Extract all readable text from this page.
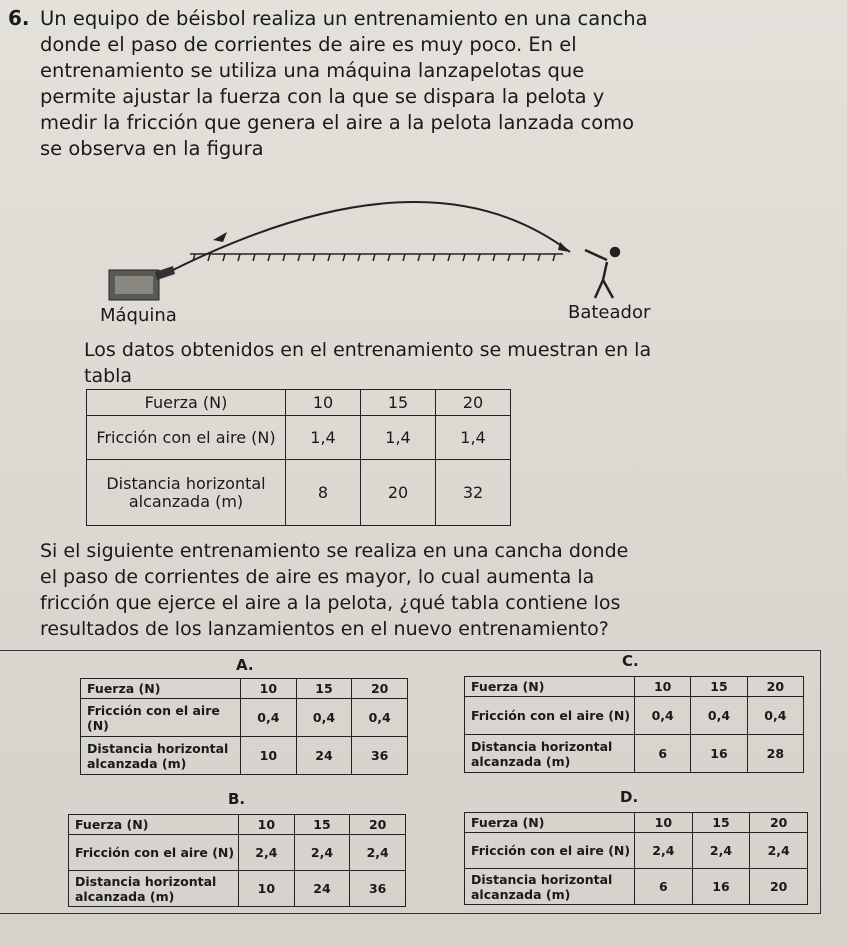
6. Un equipo de béisbol realiza un entrenamiento en una cancha
donde el paso de corrientes de aire es muy poco. En el
entrenamiento se utiliza una máquina lanzapelotas que
permite ajustar la fuerza con la que se dispara la pelota y
medir la fricción que genera el aire a la pelota lanzada como
se observa en la figura
Máquina	Bateador
Los datos obtenidos en el entrenamiento se muestran en la
tabla
Fuerza (N)	10	15	20
Fricción con el aire (N)	1,4	1,4	1,4
Distancia horizontal alcanzada (m)	8	20	32
Si el siguiente entrenamiento se realiza en una cancha donde
el paso de corrientes de aire es mayor, lo cual aumenta la
fricción que ejerce el aire a la pelota, ¿qué tabla contiene los
resultados de los lanzamientos en el nuevo entrenamiento?
A.
Fuerza (N)	10	15	20
Fricción con el aire (N)	0,4	0,4	0,4
Distancia horizontal alcanzada (m)	10	24	36
C.
Fuerza (N)	10	15	20
Fricción con el aire (N)	0,4	0,4	0,4
Distancia horizontal alcanzada (m)	6	16	28
B.
Fuerza (N)	10	15	20
Fricción con el aire (N)	2,4	2,4	2,4
Distancia horizontal alcanzada (m)	10	24	36
D.
Fuerza (N)	10	15	20
Fricción con el aire (N)	2,4	2,4	2,4
Distancia horizontal alcanzada (m)	6	16	20
